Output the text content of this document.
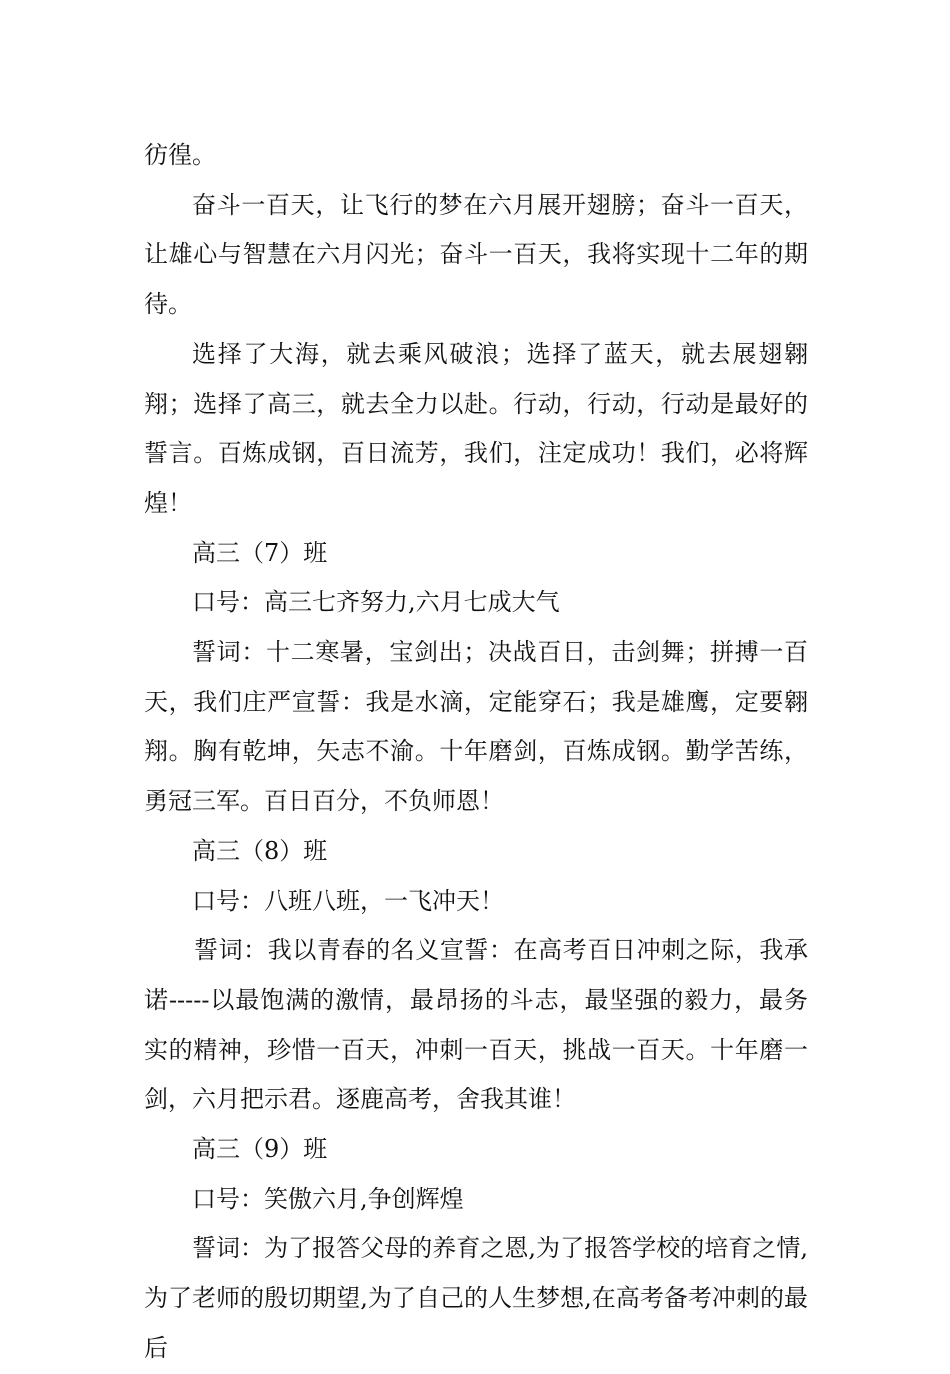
彷徨。

奋斗一百天，让飞行的梦在六月展开翅膀；奋斗一百天，让雄心与智慧在六月闪光；奋斗一百天，我将实现十二年的期待。

选择了大海，就去乘风破浪；选择了蓝天，就去展翅翱翔；选择了高三，就去全力以赴。行动，行动，行动是最好的誓言。百炼成钢，百日流芳，我们，注定成功！我们，必将辉煌！

高三（7）班

口号：高三七齐努力,六月七成大气

誓词：十二寒暑，宝剑出；决战百日，击剑舞；拼搏一百天，我们庄严宣誓：我是水滴，定能穿石；我是雄鹰，定要翱翔。胸有乾坤，矢志不渝。十年磨剑，百炼成钢。勤学苦练，勇冠三军。百日百分，不负师恩！

高三（8）班

口号：八班八班，一飞冲天！

誓词：我以青春的名义宣誓：在高考百日冲刺之际，我承诺-----以最饱满的激情，最昂扬的斗志，最坚强的毅力，最务实的精神，珍惜一百天，冲刺一百天，挑战一百天。十年磨一剑，六月把示君。逐鹿高考，舍我其谁！

高三（9）班

口号：笑傲六月,争创辉煌

誓词：为了报答父母的养育之恩,为了报答学校的培育之情,为了老师的殷切期望,为了自己的人生梦想,在高考备考冲刺的最后
